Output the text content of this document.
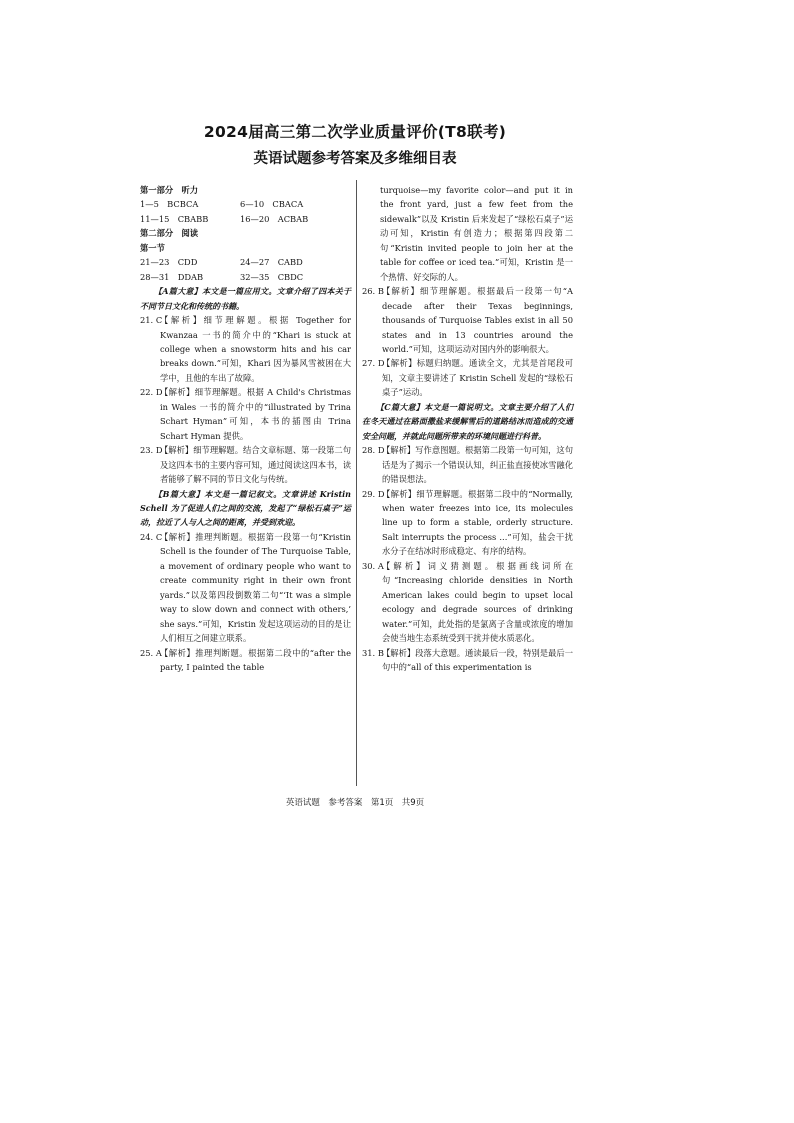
2024届高三第二次学业质量评价(T8联考)
英语试题参考答案及多维细目表
第一部分　听力
1—5　BCBCA	6—10　CBACA
11—15　CBABB	16—20　ACBAB
第二部分　阅读
第一节
21—23　CDD	24—27　CABD
28—31　DDAB	32—35　CBDC
【A篇大意】本文是一篇应用文。文章介绍了四本关于不同节日文化和传统的书籍。
21. C
【解析】细节理解题。根据 Together for Kwanzaa 一书的简介中的“Khari is stuck at college when a snowstorm hits and his car breaks down.”可知，Khari 因为暴风雪被困在大学中，且他的车出了故障。
22. D
【解析】细节理解题。根据 A Child's Christmas in Wales 一书的简介中的“illustrated by Trina Schart Hyman”可知，本书的插图由 Trina Schart Hyman 提供。
23. D
【解析】细节理解题。结合文章标题、第一段第二句及这四本书的主要内容可知，通过阅读这四本书，读者能够了解不同的节日文化与传统。
【B篇大意】本文是一篇记叙文。文章讲述 Kristin Schell 为了促进人们之间的交流，发起了“绿松石桌子”运动，拉近了人与人之间的距离，并受到欢迎。
24. C
【解析】推理判断题。根据第一段第一句“Kristin Schell is the founder of The Turquoise Table, a movement of ordinary people who want to create community right in their own front yards.”以及第四段倒数第二句“‘It was a simple way to slow down and connect with others,’ she says.”可知，Kristin 发起这项运动的目的是让人们相互之间建立联系。
25. A
【解析】推理判断题。根据第二段中的“after the party, I painted the table
turquoise—my favorite color—and put it in the front yard, just a few feet from the sidewalk”以及 Kristin 后来发起了“绿松石桌子”运动可知，Kristin 有创造力；根据第四段第二句“Kristin invited people to join her at the table for coffee or iced tea.”可知，Kristin 是一个热情、好交际的人。
26. B
【解析】细节理解题。根据最后一段第一句“A decade after their Texas beginnings, thousands of Turquoise Tables exist in all 50 states and in 13 countries around the world.”可知，这项运动对国内外的影响很大。
27. D
【解析】标题归纳题。通读全文，尤其是首尾段可知，文章主要讲述了 Kristin Schell 发起的“绿松石桌子”运动。
【C篇大意】本文是一篇说明文。文章主要介绍了人们在冬天通过在路面撒盐来缓解雪后的道路结冰而造成的交通安全问题，并就此问题所带来的环境问题进行科普。
28. D
【解析】写作意图题。根据第二段第一句可知，这句话是为了揭示一个错误认知，纠正盐直接使冰雪融化的错误想法。
29. D
【解析】细节理解题。根据第二段中的“Normally, when water freezes into ice, its molecules line up to form a stable, orderly structure. Salt interrupts the process ...”可知，盐会干扰水分子在结冰时形成稳定、有序的结构。
30. A
【解析】词义猜测题。根据画线词所在句“Increasing chloride densities in North American lakes could begin to upset local ecology and degrade sources of drinking water.”可知，此处指的是氯离子含量或浓度的增加会使当地生态系统受到干扰并使水质恶化。
31. B
【解析】段落大意题。通读最后一段，特别是最后一句中的“all of this experimentation is
英语试题　参考答案　第1页　共9页
